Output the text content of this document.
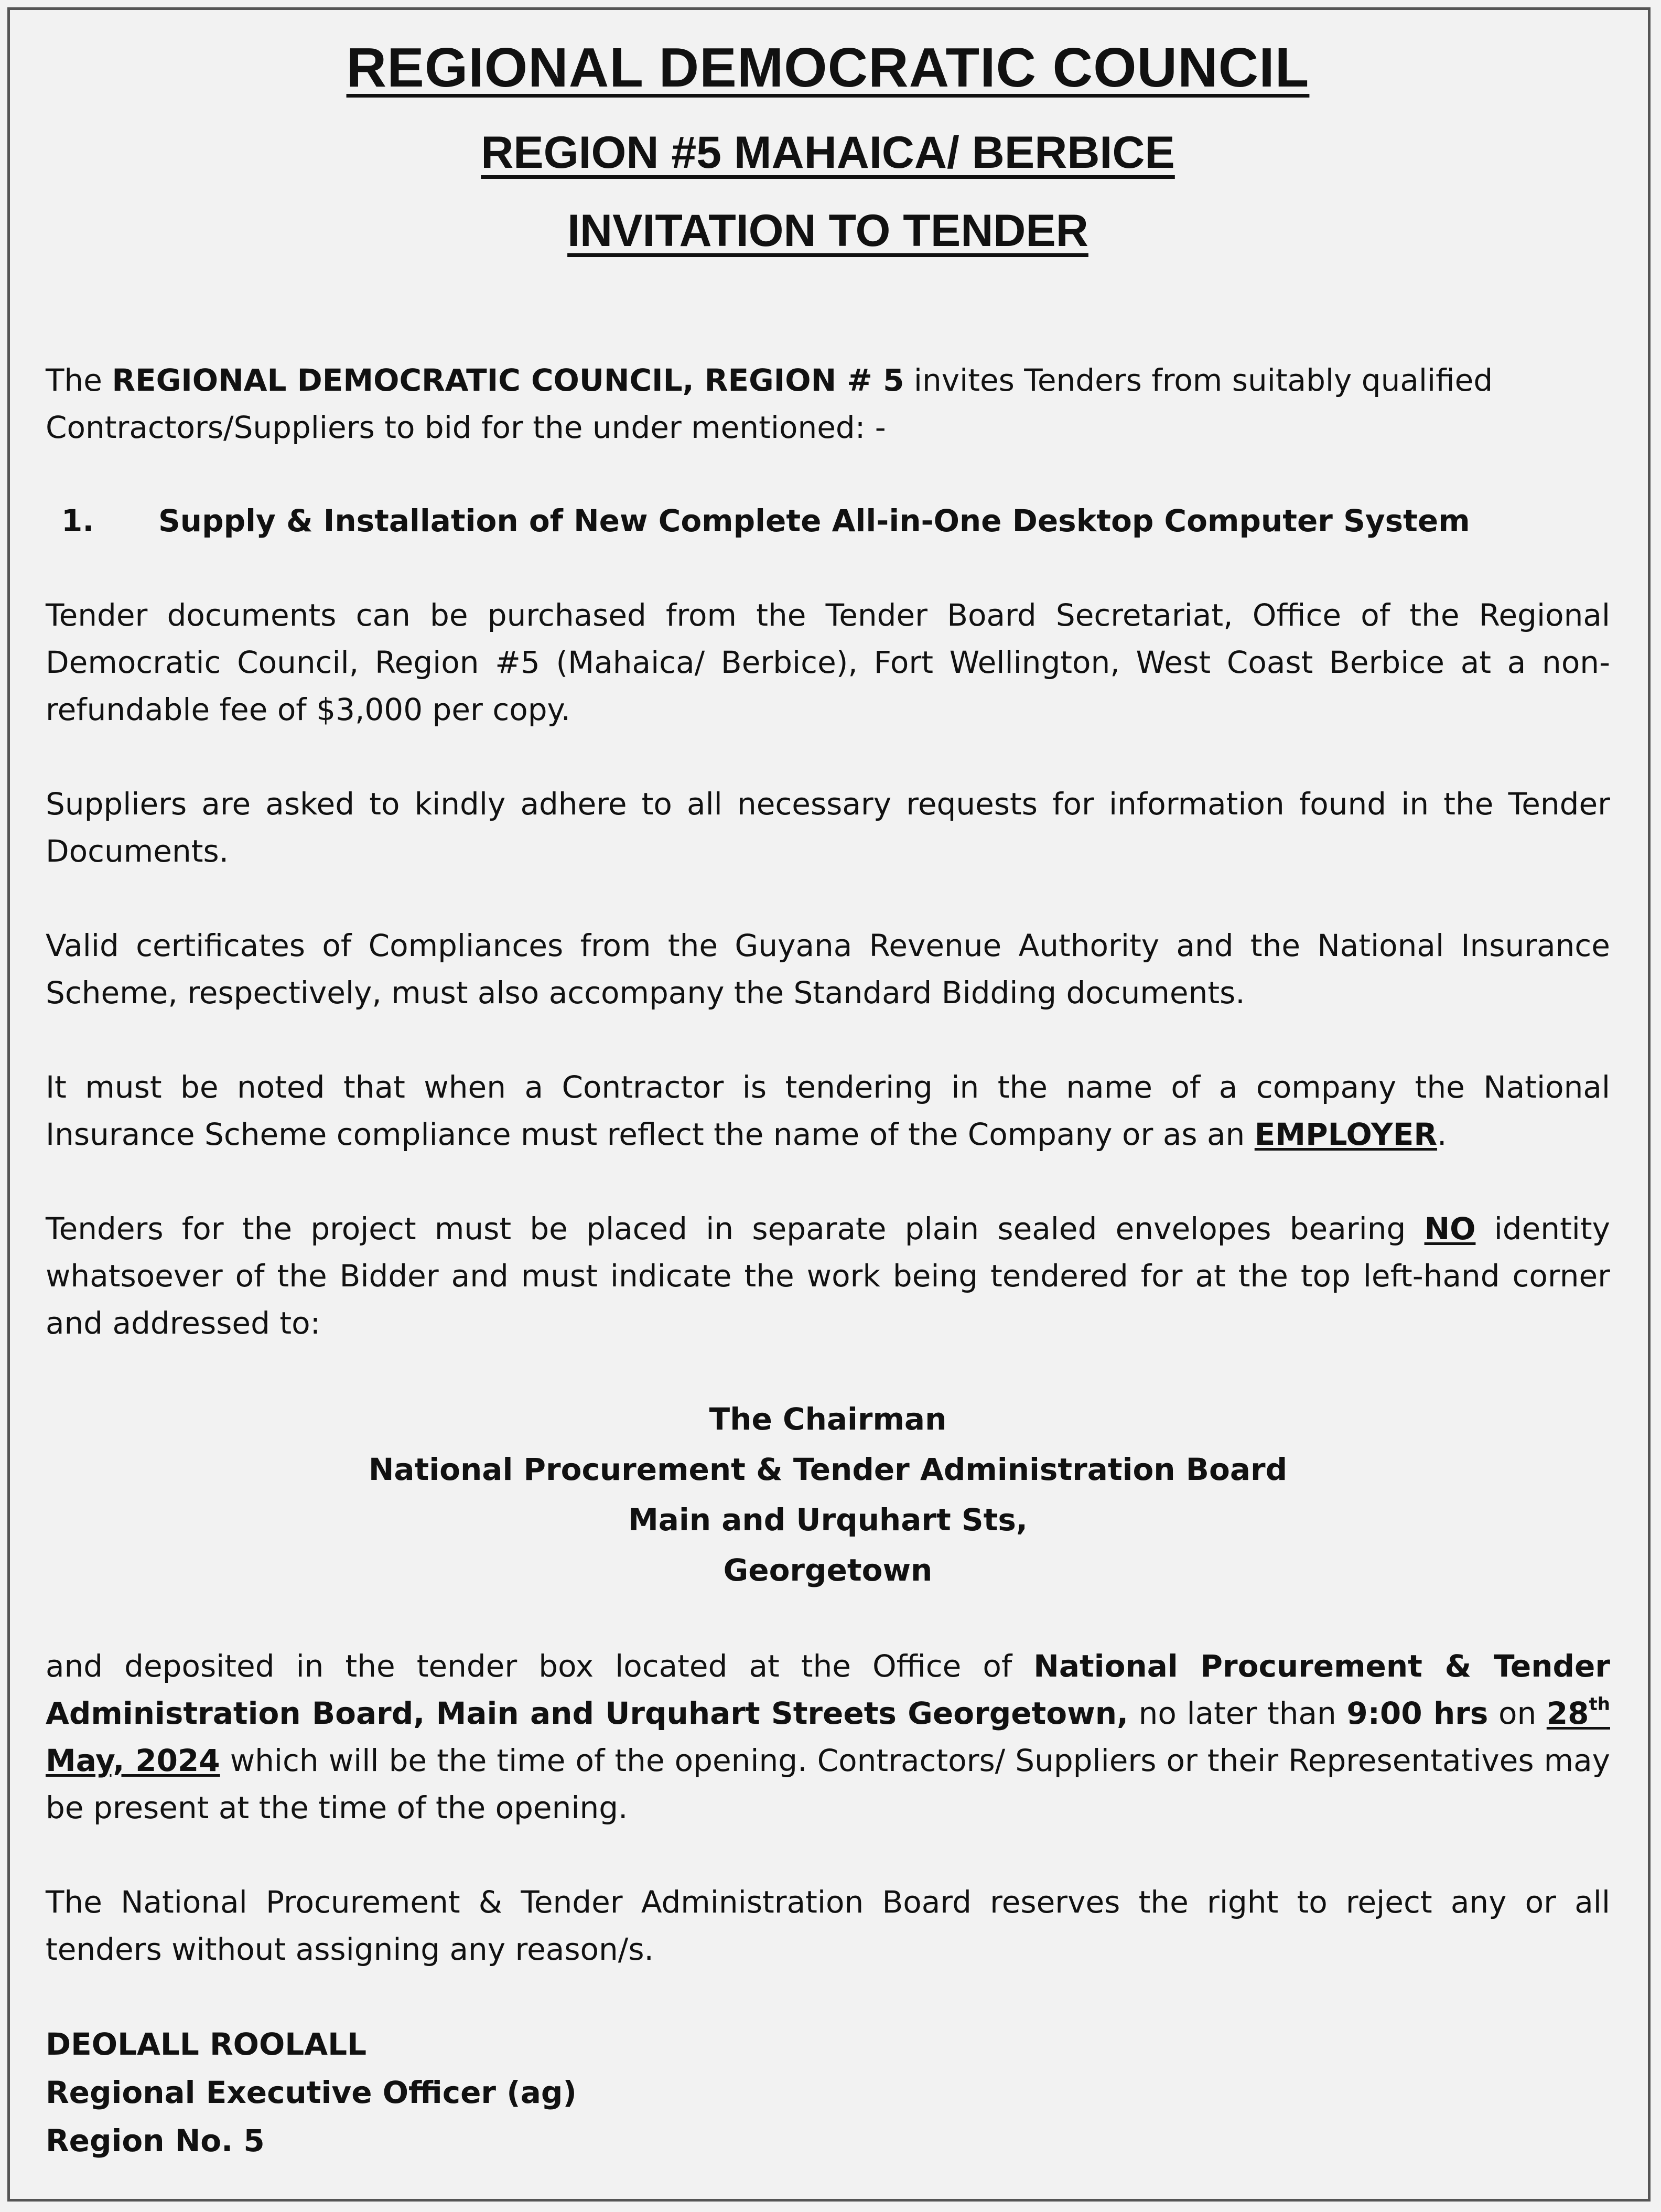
REGIONAL DEMOCRATIC COUNCIL
REGION #5 MAHAICA/ BERBICE
INVITATION TO TENDER

The REGIONAL DEMOCRATIC COUNCIL, REGION # 5 invites Tenders from suitably qualified Contractors/Suppliers to bid for the under mentioned: -

1.	Supply & Installation of New Complete All-in-One Desktop Computer System

Tender documents can be purchased from the Tender Board Secretariat, Office of the Regional Democratic Council, Region #5 (Mahaica/ Berbice), Fort Wellington, West Coast Berbice at a non- refundable fee of $3,000 per copy.

Suppliers are asked to kindly adhere to all necessary requests for information found in the Tender Documents.

Valid certificates of Compliances from the Guyana Revenue Authority and the National Insurance Scheme, respectively, must also accompany the Standard Bidding documents.

It must be noted that when a Contractor is tendering in the name of a company the National Insurance Scheme compliance must reflect the name of the Company or as an EMPLOYER.

Tenders for the project must be placed in separate plain sealed envelopes bearing NO identity whatsoever of the Bidder and must indicate the work being tendered for at the top left-hand corner and addressed to:

The Chairman
National Procurement & Tender Administration Board
Main and Urquhart Sts,
Georgetown

and deposited in the tender box located at the Office of National Procurement & Tender Administration Board, Main and Urquhart Streets Georgetown, no later than 9:00 hrs on 28th May, 2024 which will be the time of the opening. Contractors/ Suppliers or their Representatives may be present at the time of the opening.

The National Procurement & Tender Administration Board reserves the right to reject any or all tenders without assigning any reason/s.

DEOLALL ROOLALL
Regional Executive Officer (ag)
Region No. 5
